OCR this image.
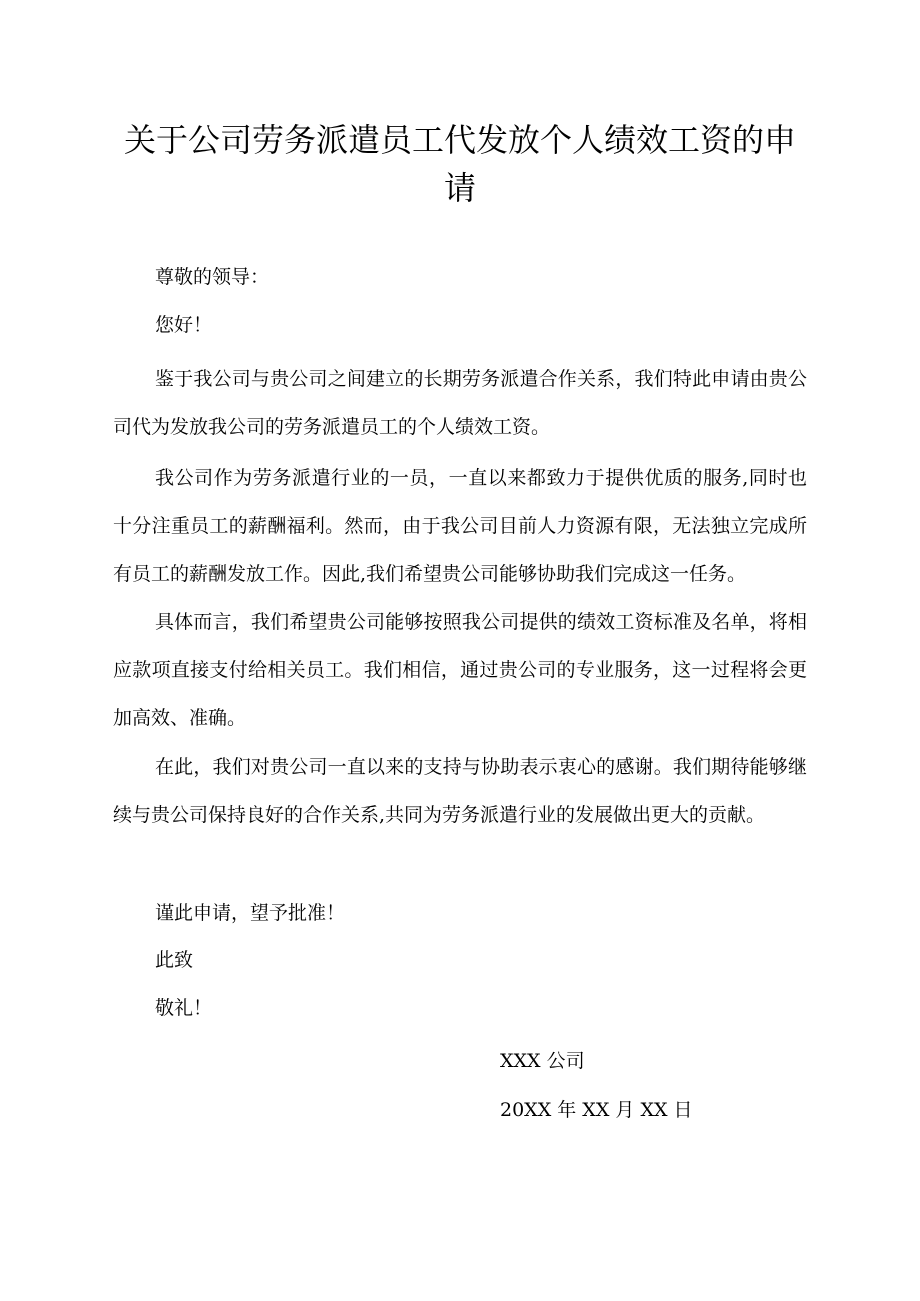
关于公司劳务派遣员工代发放个人绩效工资的申请
尊敬的领导：
您好！
鉴于我公司与贵公司之间建立的长期劳务派遣合作关系，我们特此申请由贵公司代为发放我公司的劳务派遣员工的个人绩效工资。
我公司作为劳务派遣行业的一员，一直以来都致力于提供优质的服务,同时也十分注重员工的薪酬福利。然而，由于我公司目前人力资源有限，无法独立完成所有员工的薪酬发放工作。因此,我们希望贵公司能够协助我们完成这一任务。
具体而言，我们希望贵公司能够按照我公司提供的绩效工资标准及名单，将相应款项直接支付给相关员工。我们相信，通过贵公司的专业服务，这一过程将会更加高效、准确。
在此，我们对贵公司一直以来的支持与协助表示衷心的感谢。我们期待能够继续与贵公司保持良好的合作关系,共同为劳务派遣行业的发展做出更大的贡献。
谨此申请，望予批准！
此致
敬礼！
XXX 公司
20XX 年 XX 月 XX 日
